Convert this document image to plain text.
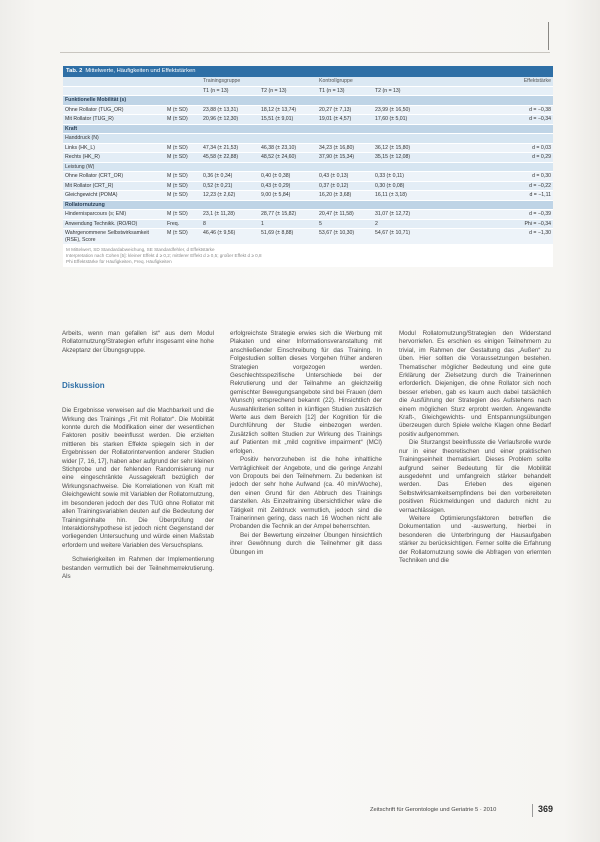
Tab. 2 Mittelwerte, Häufigkeiten und Effektstärken
		Trainingsgruppe		Kontrollgruppe		Effektstärke
		T1 (n = 13)	T2 (n = 13)	T1 (n = 13)	T2 (n = 13)	
Funktionelle Mobilität (s)						
Ohne Rollator (TUG_OR)	M (± SD)	23,88 (± 13,31)	18,12 (± 13,74)	20,27 (± 7,13)	23,99 (± 16,50)	d = −0,38
Mit Rollator (TUG_R)	M (± SD)	20,96 (± 12,30)	15,51 (± 9,01)	19,01 (± 4,57)	17,60 (± 5,01)	d = −0,34
Kraft						
Handdruck (N)						
Links (HK_L)	M (± SD)	47,34 (± 21,53)	46,38 (± 23,10)	34,23 (± 16,80)	36,12 (± 15,80)	d = 0,03
Rechts (HK_R)	M (± SD)	45,58 (± 22,88)	48,52 (± 24,60)	37,90 (± 15,34)	35,15 (± 12,08)	d = 0,29
Leistung (W)						
Ohne Rollator (CRT_OR)	M (± SD)	0,36 (± 0,34)	0,40 (± 0,38)	0,43 (± 0,13)	0,33 (± 0,11)	d = 0,30
Mit Rollator (CRT_R)	M (± SD)	0,52 (± 0,21)	0,43 (± 0,29)	0,37 (± 0,12)	0,30 (± 0,08)	d = −0,22
Gleichgewicht (POMA)	M (± SD)	12,23 (± 2,62)	9,00 (± 5,84)	16,20 (± 3,68)	16,11 (± 3,18)	d = −1,11
Rollatornutzung						
Hindernisparcours (s; ENI)	M (± SD)	23,1 (± 11,28)	28,77 (± 15,82)	20,47 (± 11,58)	31,07 (± 12,72)	d = −0,39
Anwendung Technikk. (RO/RO)	Freq.	8	1	5	2	Phi = −0,34
Wahrgenommene Selbstwirksamkeit (RSE), Score	M (± SD)	46,46 (± 9,56)	51,69 (± 8,88)	53,67 (± 10,30)	54,67 (± 10,71)	d = −1,30
M Mittelwert, SD Standardabweichung, SE Standardfehler, d Effektstärke
Interpretation nach Cohen [5]: kleiner Effekt d ≥ 0,2; mittlerer Effekt d ≥ 0,5; großer Effekt d ≥ 0,8
Phi Effektstärke für Häufigkeiten, Freq. Häufigkeiten

Arbeits, wenn man gefallen ist“ aus dem Modul Rollatornutzung/Strategien erfuhr insgesamt eine hohe Akzeptanz der Übungsgruppe.

Diskussion

Die Ergebnisse verweisen auf die Machbarkeit und die Wirkung des Trainings „Fit mit Rollator“. Die Mobilität konnte durch die Modifikation einer der wesentlichen Faktoren positiv beeinflusst werden. Die erzielten mittleren bis starken Effekte spiegeln sich in der Ergebnissen der Rollatorintervention anderer Studien wider [7, 16, 17], haben aber aufgrund der sehr kleinen Stichprobe und der fehlenden Randomisierung nur eine eingeschränkte Aussagekraft bezüglich der Wirkungsnachweise. Die Korrelationen von Kraft mit Gleichgewicht sowie mit Variablen der Rollatornutzung, im besonderen jedoch der des TUG ohne Rollator mit allen Trainingsvariablen deuten auf die Bedeutung der Trainingsinhalte hin. Die Überprüfung der Interaktionshypothese ist jedoch nicht Gegenstand der vorliegenden Untersuchung und würde einen Maßstab erfordern und weitere Variablen des Versuchsplans.

Schwierigkeiten im Rahmen der Implementierung bestanden vermutlich bei der Teilnehmerrekrutierung. Als

erfolgreichste Strategie erwies sich die Werbung mit Plakaten und einer Informationsveranstaltung mit anschließender Einschreibung für das Training. In Folgestudien sollten dieses Vorgehen früher anderen Strategien vorgezogen werden. Geschlechtsspezifische Unterschiede bei der Rekrutierung und der Teilnahme an gleichzeitig gemischter Bewegungsangebote sind bei Frauen (dem Wunsch) entsprechend bekannt (22). Hinsichtlich der Auswahlkriterien sollten in künftigen Studien zusätzlich Werte aus dem Bereich [12] der Kognition für die Durchführung der Studie einbezogen werden. Zusätzlich sollten Studien zur Wirkung des Trainings auf Patienten mit „mild cognitive impairment“ (MCI) erfolgen.

Positiv hervorzuheben ist die hohe inhaltliche Verträglichkeit der Angebote, und die geringe Anzahl von Dropouts bei den Teilnehmern. Zu bedenken ist jedoch der sehr hohe Aufwand (ca. 40 min/Woche), den einen Grund für den Abbruch des Trainings darstellen. Als Einzeltraining übersichtlicher wäre die Tätigkeit mit Zeitdruck vermutlich, jedoch sind die Trainerinnen gering, dass nach 16 Wochen nicht alle Probanden die Technik an der Ampel beherrschten.

Bei der Bewertung einzelner Übungen hinsichtlich ihrer Gewöhnung durch die Teilnehmer gilt dass Übungen im

Modul Rollatornutzung/Strategien den Widerstand hervorriefen. Es erschien es einigen Teilnehmern zu trivial, im Rahmen der Gestaltung das „Außen“ zu üben. Hier sollten die Voraussetzungen bestehen. Thematischer möglicher Bedeutung und eine gute Erklärung der Zielsetzung durch die Trainerinnen erforderlich. Diejenigen, die ohne Rollator sich noch besser erleben, gab es kaum auch dabei tatsächlich die Ausführung der Strategien des Aufstehens nach einem möglichen Sturz erprobt werden. Angewandte Kraft-, Gleichgewichts- und Entspannungsübungen überzeugen durch Spiele welche Klagen ohne Bedarf positiv aufgenommen.

Die Sturzangst beeinflusste die Verlaufsrolle wurde nur in einer theoretischen und einer praktischen Trainingseinheit thematisiert. Dieses Problem sollte aufgrund seiner Bedeutung für die Mobilität ausgedehnt und umfangreich stärker behandelt werden. Das Erleben des eigenen Selbstwirksamkeitsempfindens bei den vorbereiteten positiven Rückmeldungen und dadurch nicht zu vernachlässigen.

Weitere Optimierungsfaktoren betreffen die Dokumentation und -auswertung, hierbei in besonderen die Unterbringung der Hausaufgaben stärker zu berücksichtigen. Ferner sollte die Erfahrung der Rollatornutzung sowie die Abfragen von erlernten Techniken und die

Zeitschrift für Gerontologie und Geriatrie 5 · 2010	369
